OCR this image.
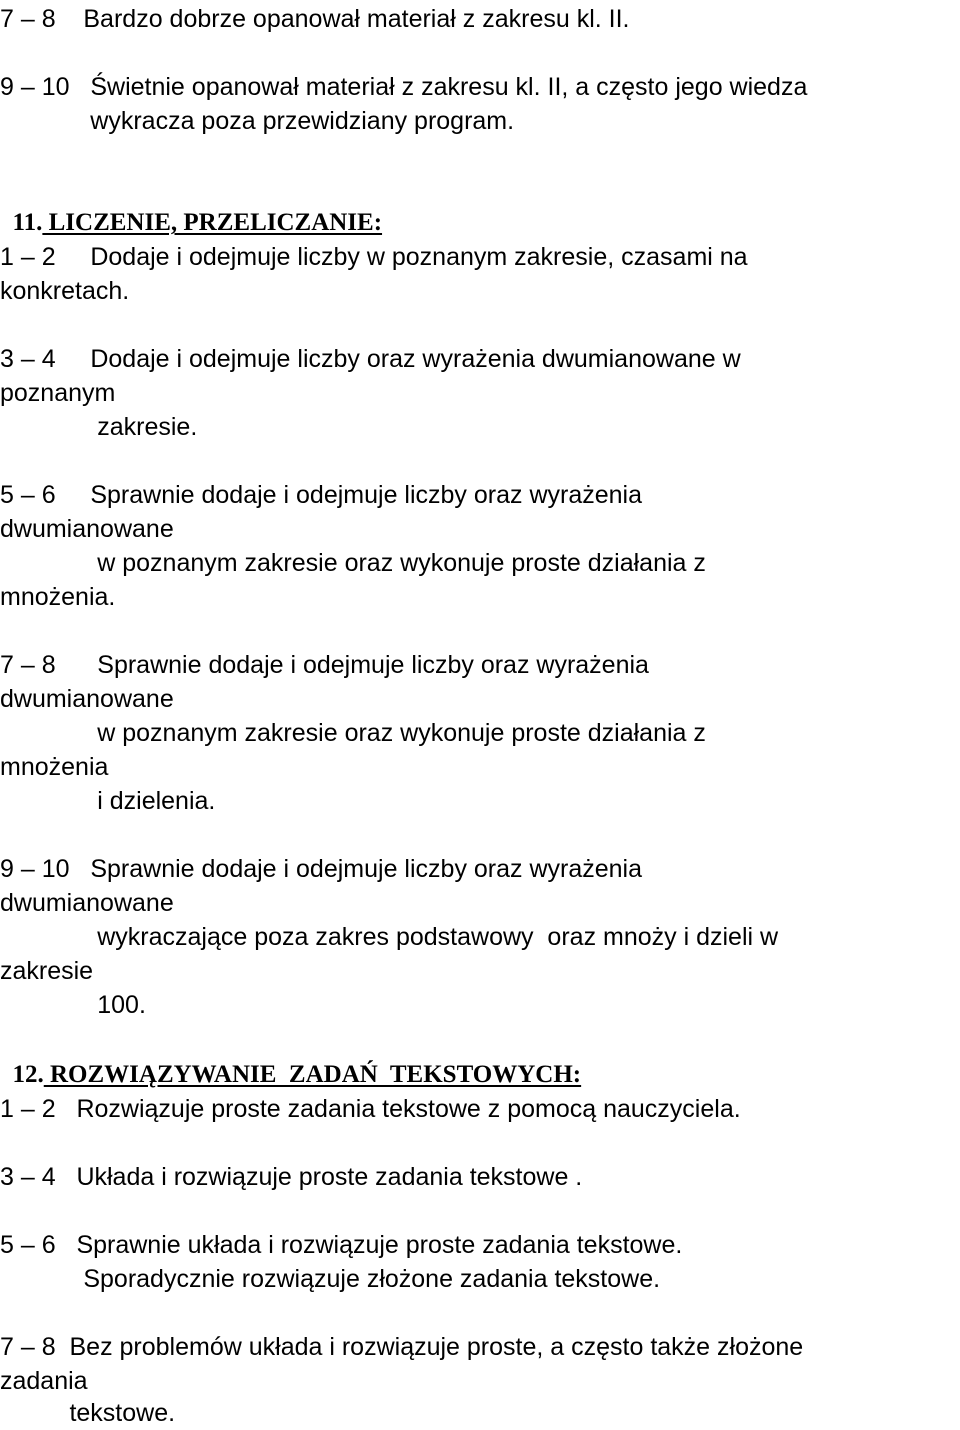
7 – 8    Bardzo dobrze opanował materiał z zakresu kl. II.
9 – 10   Świetnie opanował materiał z zakresu kl. II, a często jego wiedza
wykracza poza przewidziany program.

11. LICZENIE, PRZELICZANIE:

1 – 2     Dodaje i odejmuje liczby w poznanym zakresie, czasami na
konkretach.
3 – 4     Dodaje i odejmuje liczby oraz wyrażenia dwumianowane w
poznanym
zakresie.
5 – 6     Sprawnie dodaje i odejmuje liczby oraz wyrażenia
dwumianowane
w poznanym zakresie oraz wykonuje proste działania z
mnożenia.
7 – 8      Sprawnie dodaje i odejmuje liczby oraz wyrażenia
dwumianowane
w poznanym zakresie oraz wykonuje proste działania z
mnożenia
i dzielenia.
9 – 10   Sprawnie dodaje i odejmuje liczby oraz wyrażenia
dwumianowane
wykraczające poza zakres podstawowy  oraz mnoży i dzieli w
zakresie
100.

12. ROZWIĄZYWANIE  ZADAŃ  TEKSTOWYCH:

1 – 2   Rozwiązuje proste zadania tekstowe z pomocą nauczyciela.
3 – 4   Układa i rozwiązuje proste zadania tekstowe .
5 – 6   Sprawnie układa i rozwiązuje proste zadania tekstowe.
Sporadycznie rozwiązuje złożone zadania tekstowe.
7 – 8  Bez problemów układa i rozwiązuje proste, a często także złożone
zadania
tekstowe.
